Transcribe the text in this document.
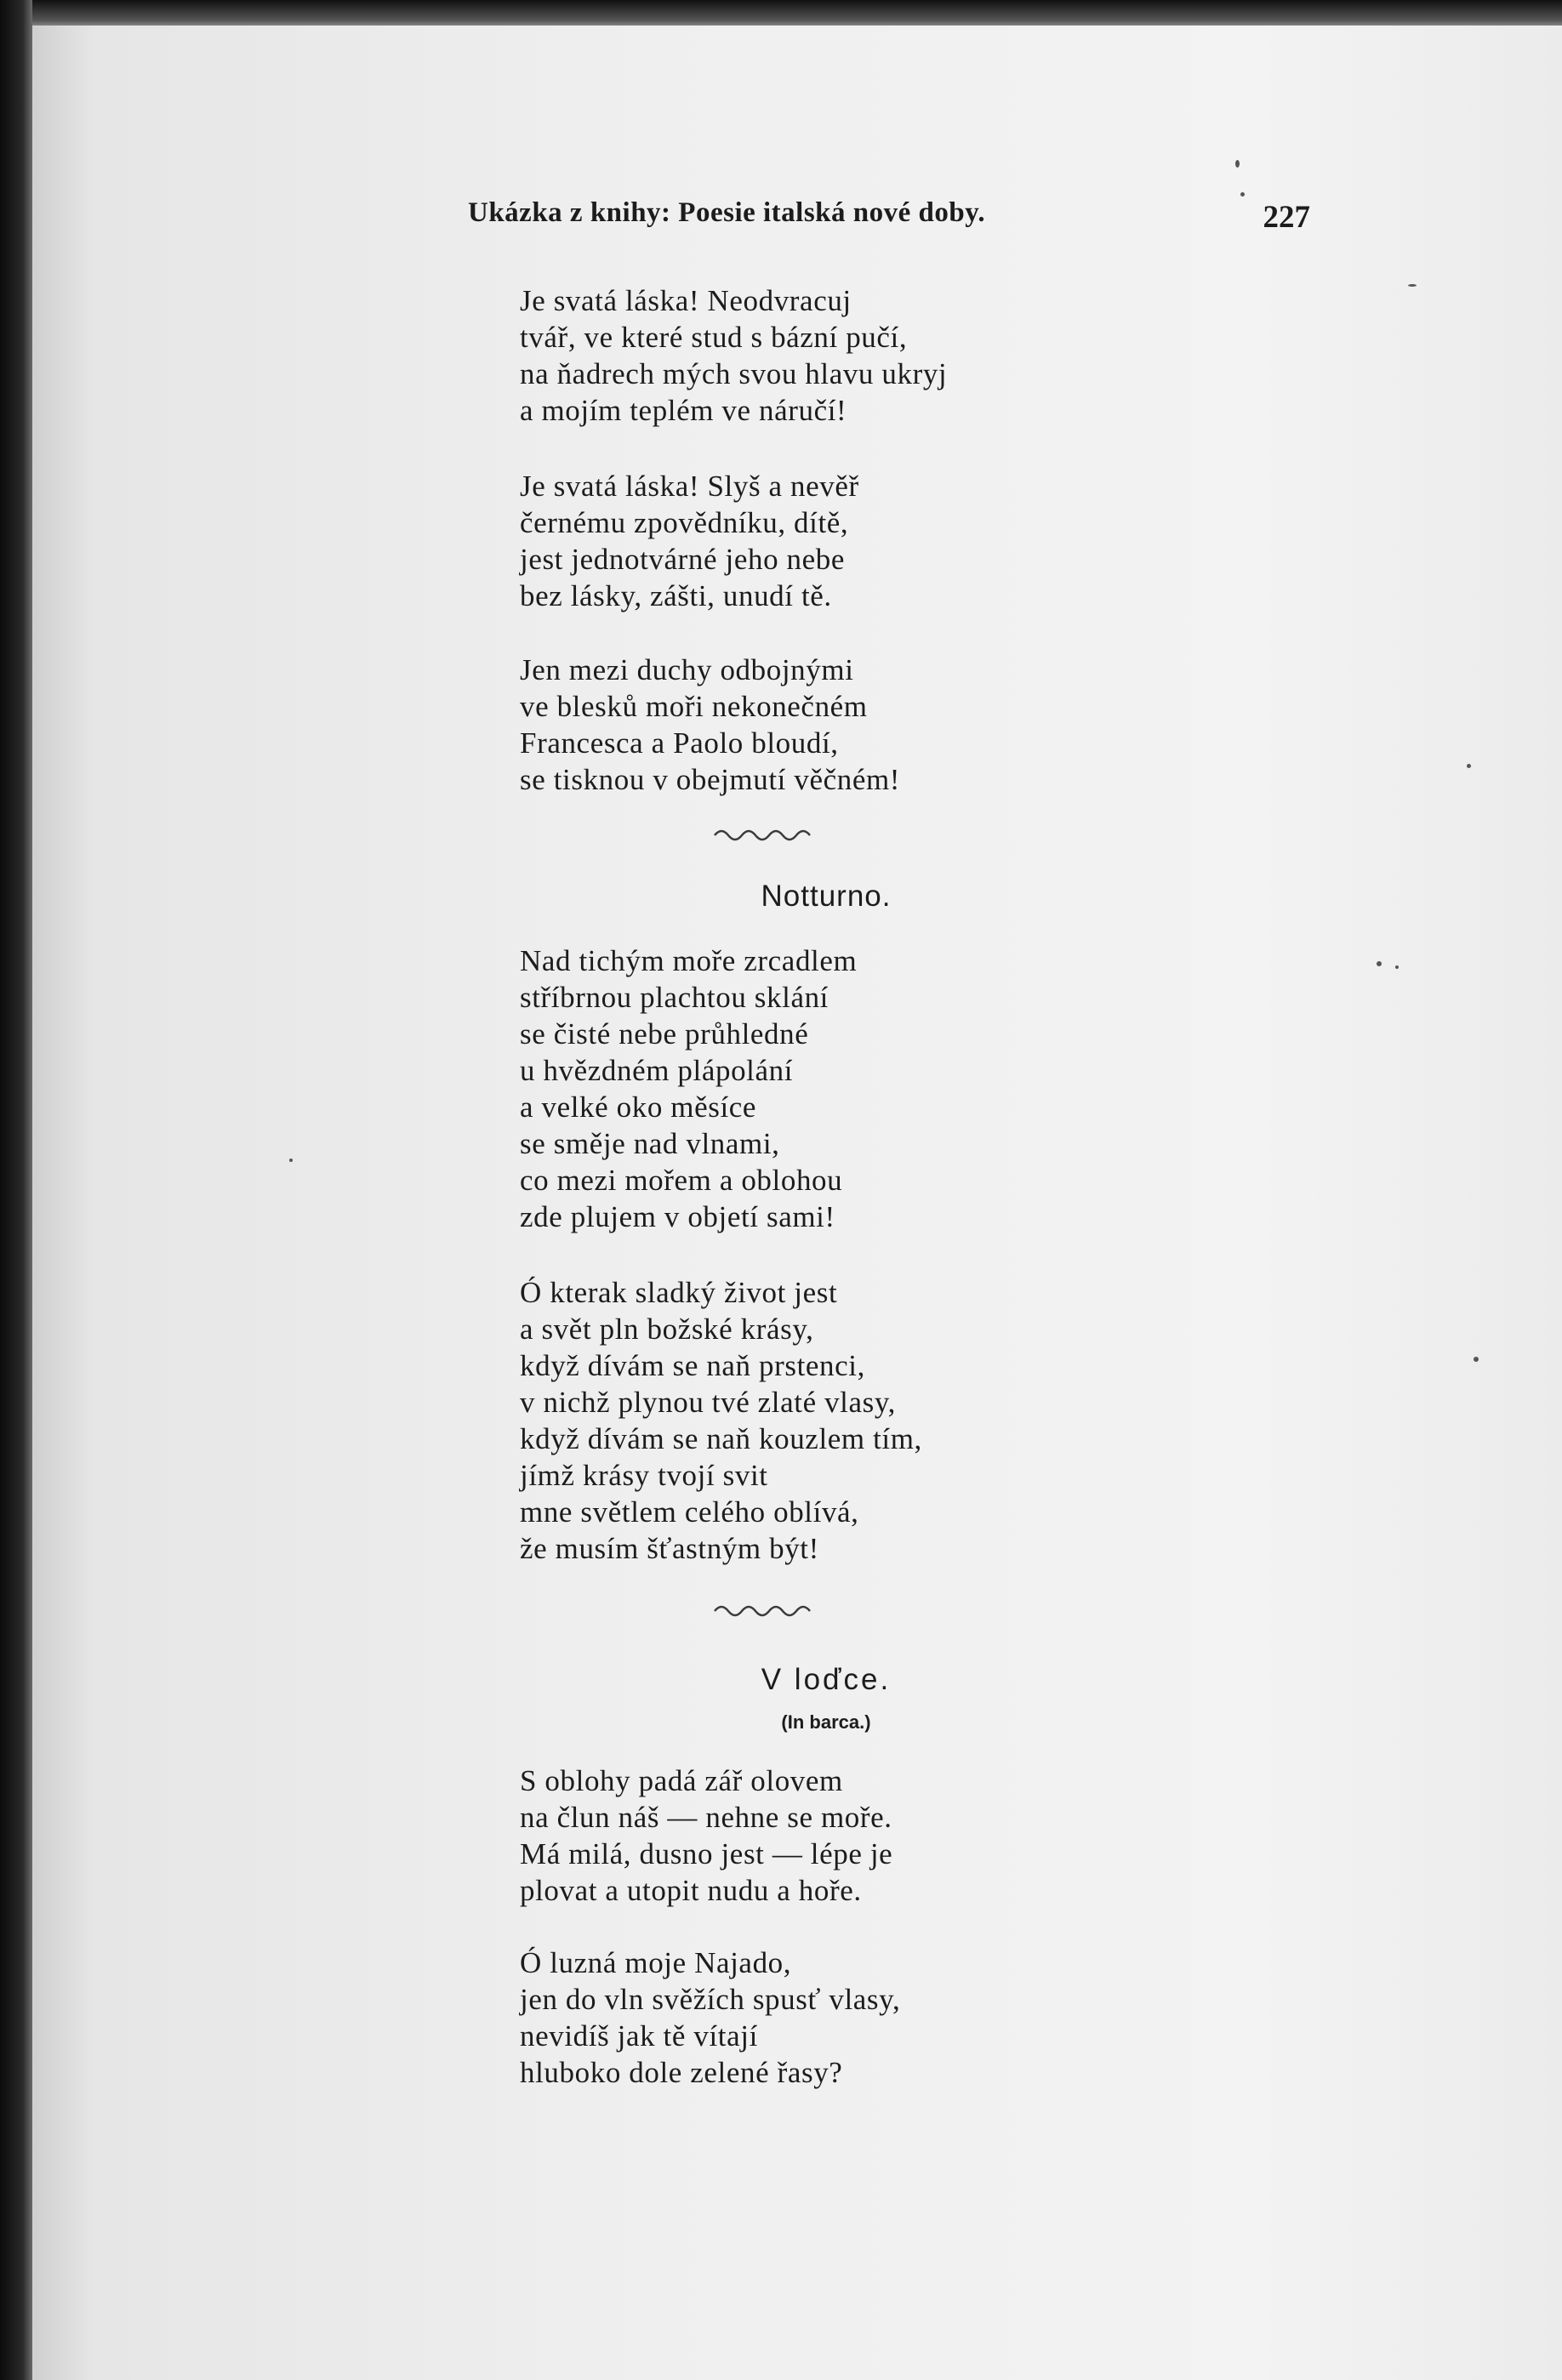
Ukázka z knihy: Poesie italská nové doby.	227
Je svatá láska! Neodvracuj
tvář, ve které stud s bázní pučí,
na ňadrech mých svou hlavu ukryj
a mojím teplém ve náručí!
Je svatá láska! Slyš a nevěř
černému zpovědníku, dítě,
jest jednotvárné jeho nebe
bez lásky, zášti, unudí tě.
Jen mezi duchy odbojnými
ve blesků moři nekonečném
Francesca a Paolo bloudí,
se tisknou v obejmutí věčném!
Notturno.
Nad tichým moře zrcadlem
stříbrnou plachtou sklání
se čisté nebe průhledné
u hvězdném plápolání
a velké oko měsíce
se směje nad vlnami,
co mezi mořem a oblohou
zde plujem v objetí sami!
Ó kterak sladký život jest
a svět pln božské krásy,
když dívám se naň prstenci,
v nichž plynou tvé zlaté vlasy,
když dívám se naň kouzlem tím,
jímž krásy tvojí svit
mne světlem celého oblívá,
že musím šťastným být!
V loďce.
(In barca.)
S oblohy padá zář olovem
na člun náš — nehne se moře.
Má milá, dusno jest — lépe je
plovat a utopit nudu a hoře.
Ó luzná moje Najado,
jen do vln svěžích spusť vlasy,
nevidíš jak tě vítají
hluboko dole zelené řasy?
